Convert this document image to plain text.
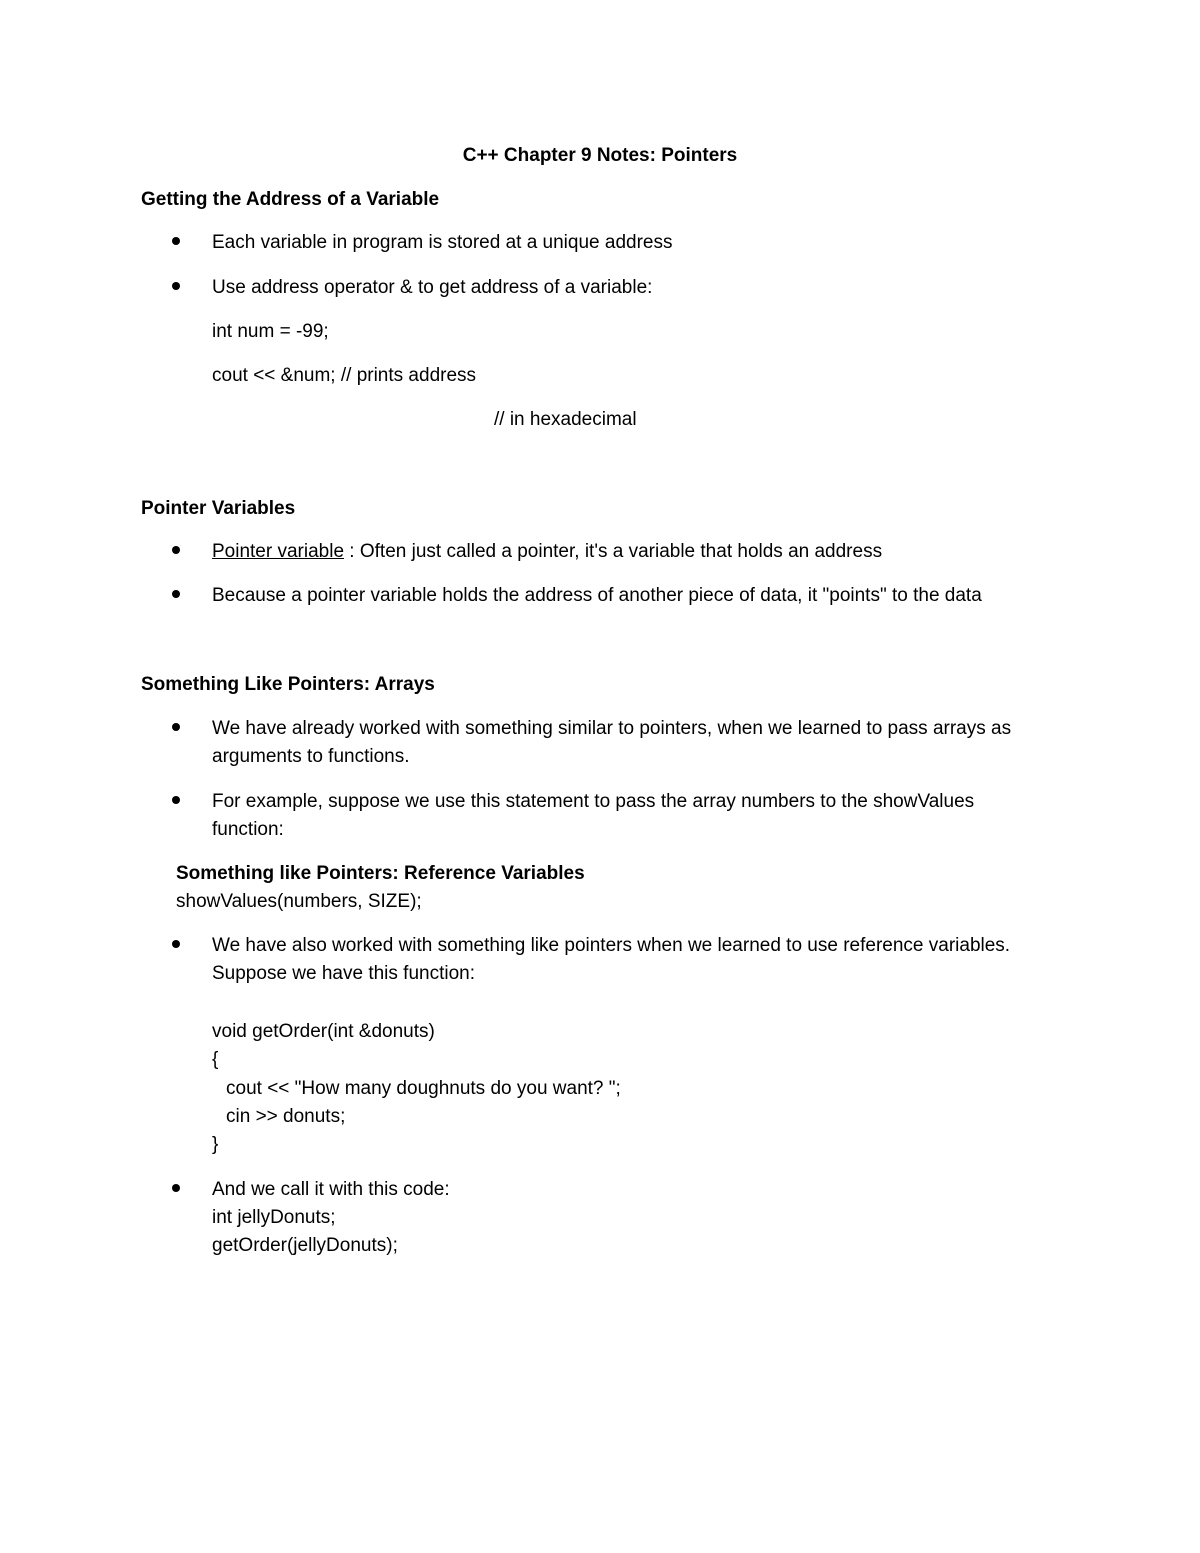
C++ Chapter 9 Notes: Pointers
Getting the Address of a Variable
Each variable in program is stored at a unique address
Use address operator & to get address of a variable:
int num = -99;
cout << &num; // prints address
// in hexadecimal
Pointer Variables
Pointer variable : Often just called a pointer, it's a variable that holds an address
Because a pointer variable holds the address of another piece of data, it "points" to the data
Something Like Pointers: Arrays
We have already worked with something similar to pointers, when we learned to pass arrays as
arguments to functions.
For example, suppose we use this statement to pass the array numbers to the showValues
function:
Something like Pointers: Reference Variables
showValues(numbers, SIZE);
We have also worked with something like pointers when we learned to use reference variables.
Suppose we have this function:
void getOrder(int &donuts)
{
cout << "How many doughnuts do you want? ";
cin >> donuts;
}
And we call it with this code:
int jellyDonuts;
getOrder(jellyDonuts);
